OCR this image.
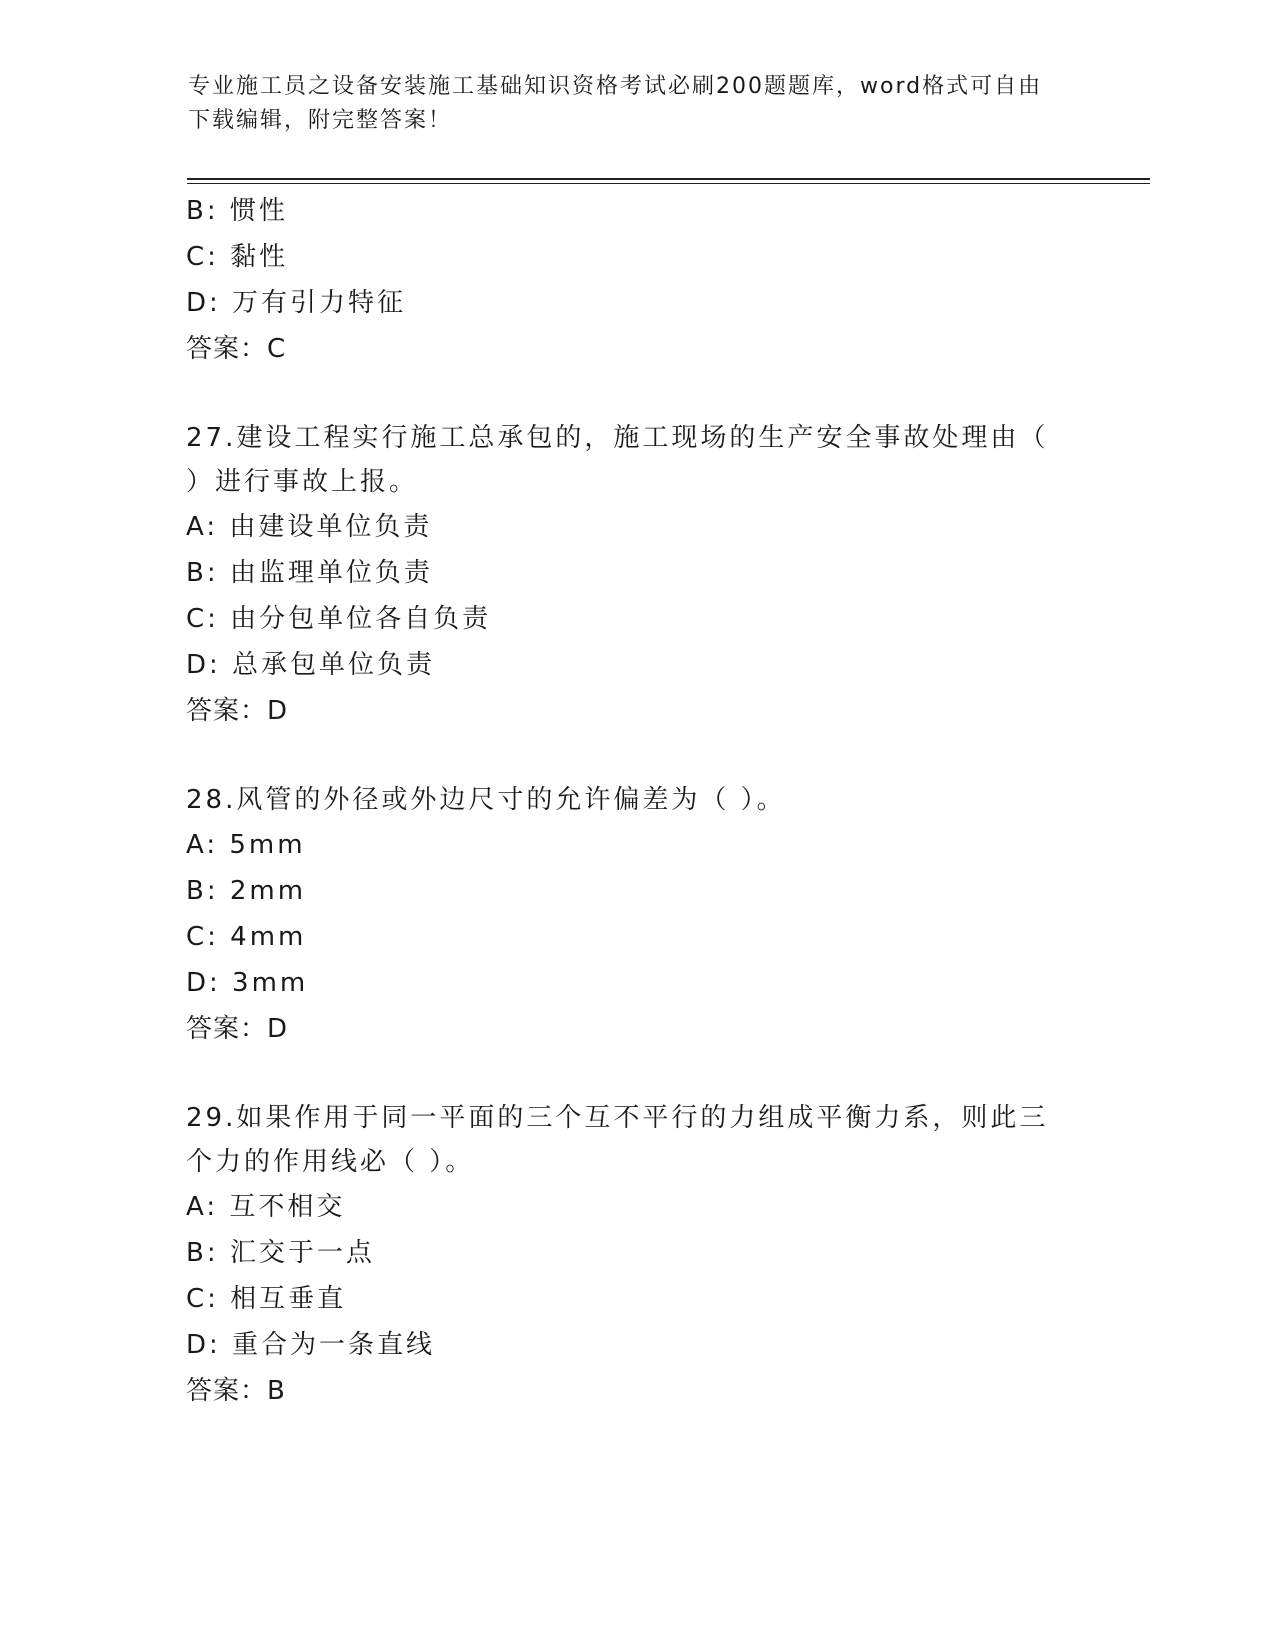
专业施工员之设备安装施工基础知识资格考试必刷200题题库，word格式可自由
下载编辑，附完整答案！
B: 惯性
C: 黏性
D: 万有引力特征
答案：C
27.建设工程实行施工总承包的，施工现场的生产安全事故处理由（ ）进行事故上报。
A: 由建设单位负责
B: 由监理单位负责
C: 由分包单位各自负责
D: 总承包单位负责
答案：D
28.风管的外径或外边尺寸的允许偏差为（ ）。
A: 5mm
B: 2mm
C: 4mm
D: 3mm
答案：D
29.如果作用于同一平面的三个互不平行的力组成平衡力系，则此三个力的作用线必（ ）。
A: 互不相交
B: 汇交于一点
C: 相互垂直
D: 重合为一条直线
答案：B
